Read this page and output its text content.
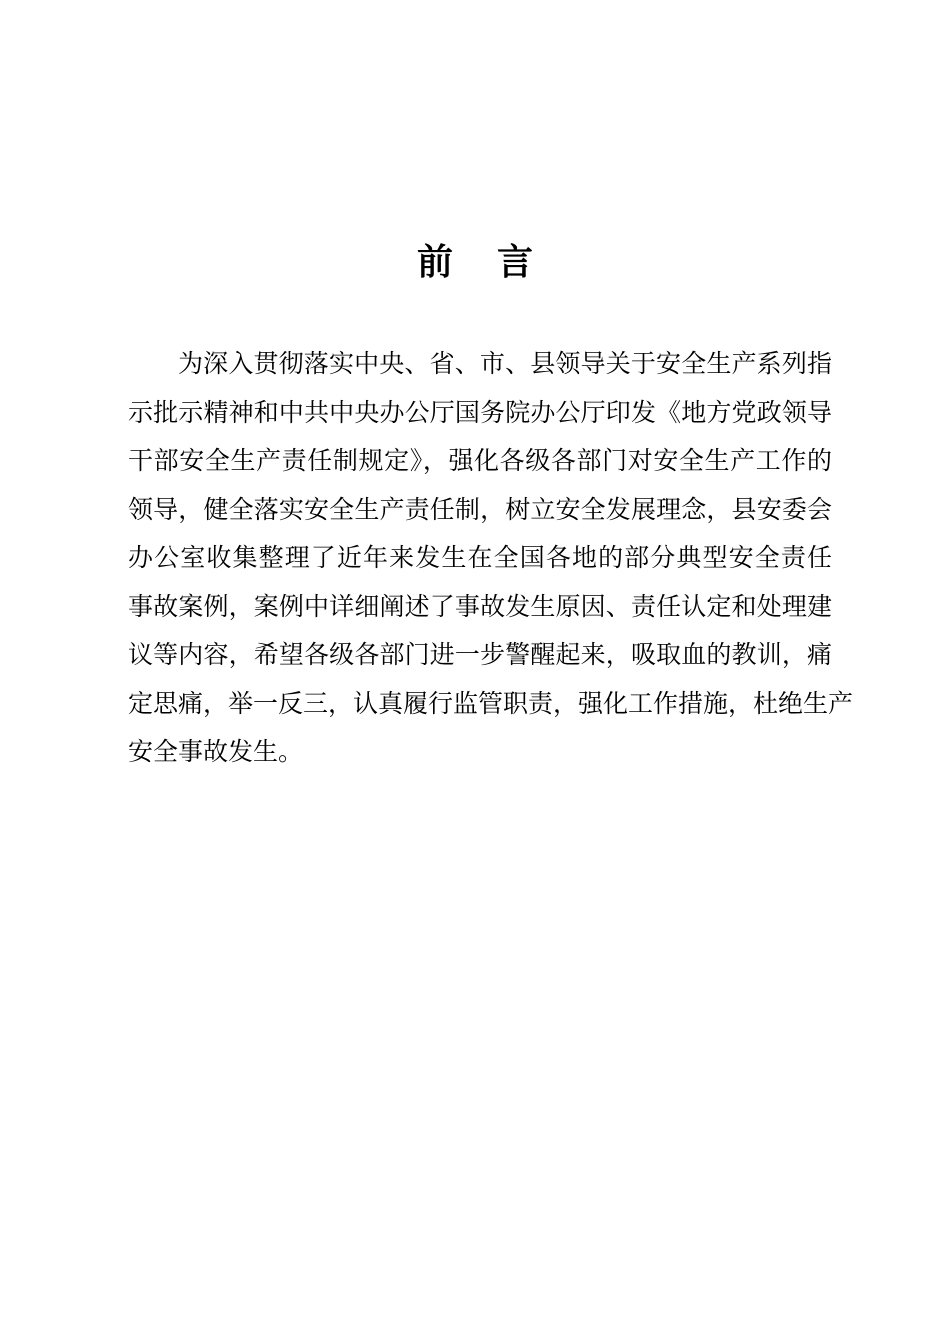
前 言
为深入贯彻落实中央、省、市、县领导关于安全生产系列指
示批示精神和中共中央办公厅国务院办公厅印发《地方党政领导
干部安全生产责任制规定》，强化各级各部门对安全生产工作的
领导，健全落实安全生产责任制，树立安全发展理念，县安委会
办公室收集整理了近年来发生在全国各地的部分典型安全责任
事故案例，案例中详细阐述了事故发生原因、责任认定和处理建
议等内容，希望各级各部门进一步警醒起来，吸取血的教训，痛
定思痛，举一反三，认真履行监管职责，强化工作措施，杜绝生产
安全事故发生。
